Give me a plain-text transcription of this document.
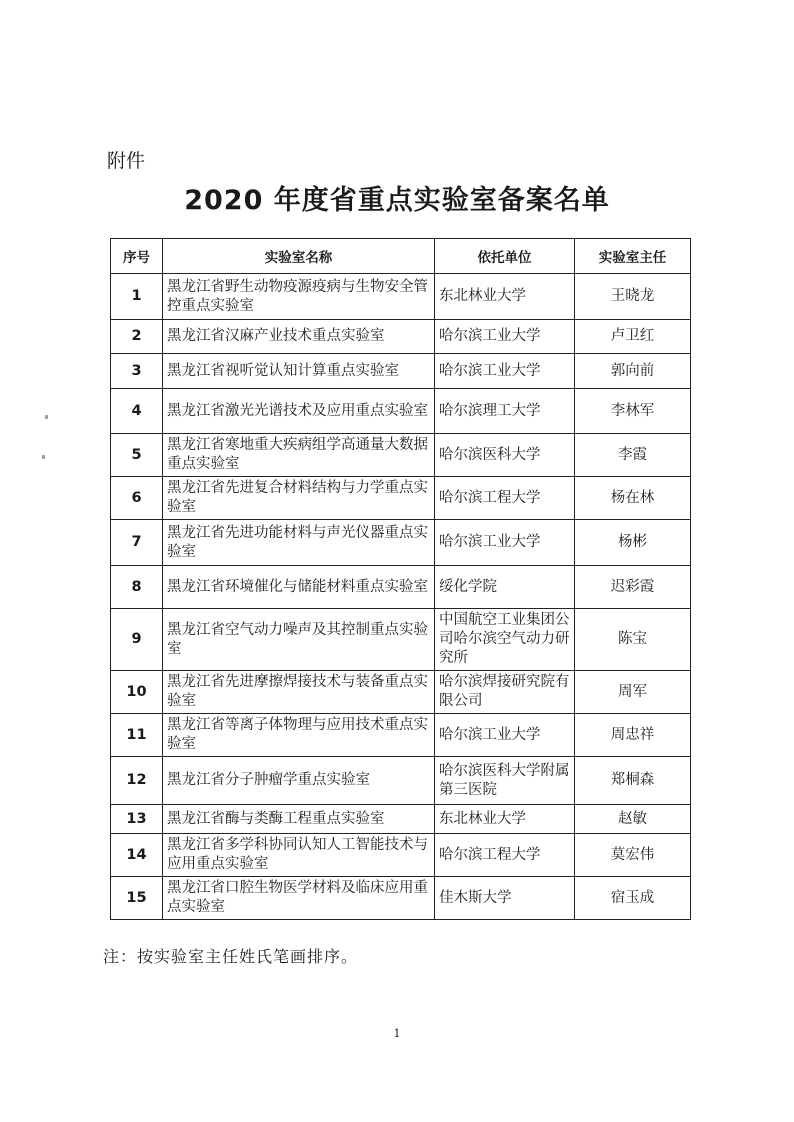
附件
2020 年度省重点实验室备案名单
序号	实验室名称	依托单位	实验室主任
1	黑龙江省野生动物疫源疫病与生物安全管控重点实验室	东北林业大学	王晓龙
2	黑龙江省汉麻产业技术重点实验室	哈尔滨工业大学	卢卫红
3	黑龙江省视听觉认知计算重点实验室	哈尔滨工业大学	郭向前
4	黑龙江省激光光谱技术及应用重点实验室	哈尔滨理工大学	李林军
5	黑龙江省寒地重大疾病组学高通量大数据重点实验室	哈尔滨医科大学	李霞
6	黑龙江省先进复合材料结构与力学重点实验室	哈尔滨工程大学	杨在林
7	黑龙江省先进功能材料与声光仪器重点实验室	哈尔滨工业大学	杨彬
8	黑龙江省环境催化与储能材料重点实验室	绥化学院	迟彩霞
9	黑龙江省空气动力噪声及其控制重点实验室	中国航空工业集团公司哈尔滨空气动力研究所	陈宝
10	黑龙江省先进摩擦焊接技术与装备重点实验室	哈尔滨焊接研究院有限公司	周军
11	黑龙江省等离子体物理与应用技术重点实验室	哈尔滨工业大学	周忠祥
12	黑龙江省分子肿瘤学重点实验室	哈尔滨医科大学附属第三医院	郑桐森
13	黑龙江省酶与类酶工程重点实验室	东北林业大学	赵敏
14	黑龙江省多学科协同认知人工智能技术与应用重点实验室	哈尔滨工程大学	莫宏伟
15	黑龙江省口腔生物医学材料及临床应用重点实验室	佳木斯大学	宿玉成
注：按实验室主任姓氏笔画排序。
1
